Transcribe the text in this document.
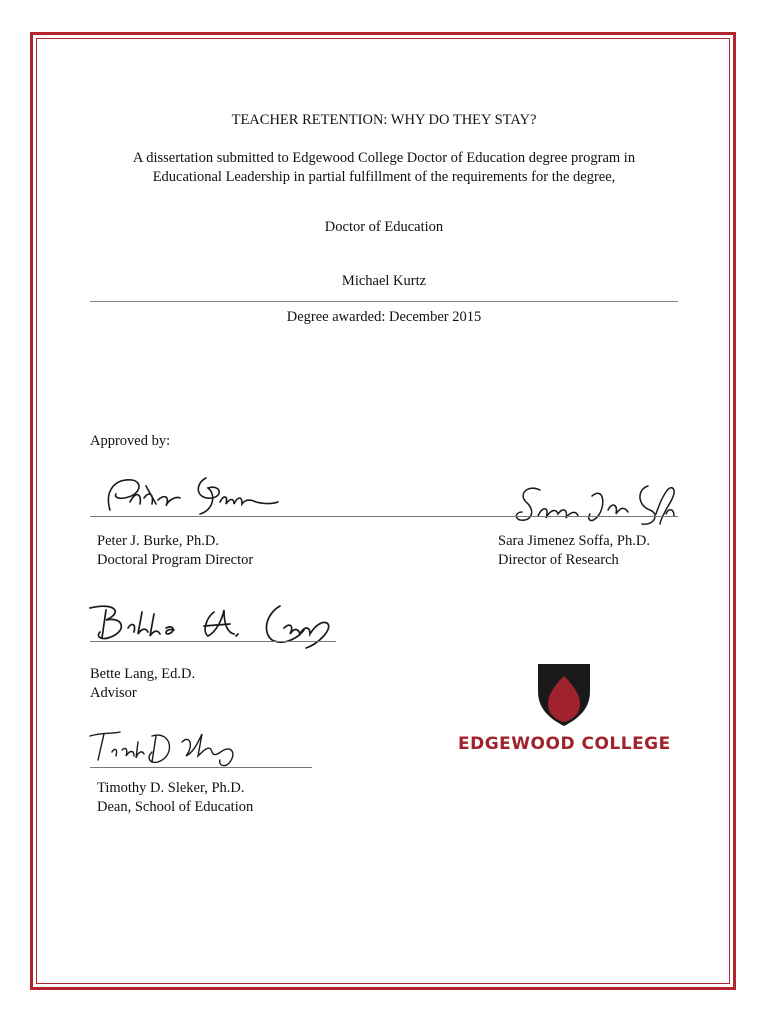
TEACHER RETENTION: WHY DO THEY STAY?
A dissertation submitted to Edgewood College Doctor of Education degree program in
Educational Leadership in partial fulfillment of the requirements for the degree,
Doctor of Education
Michael Kurtz
Degree awarded: December 2015
Approved by:
Peter J. Burke, Ph.D.
Doctoral Program Director
Sara Jimenez Soffa, Ph.D.
Director of Research
Bette Lang, Ed.D.
Advisor
Timothy D. Sleker, Ph.D.
Dean, School of Education
EDGEWOOD COLLEGE
